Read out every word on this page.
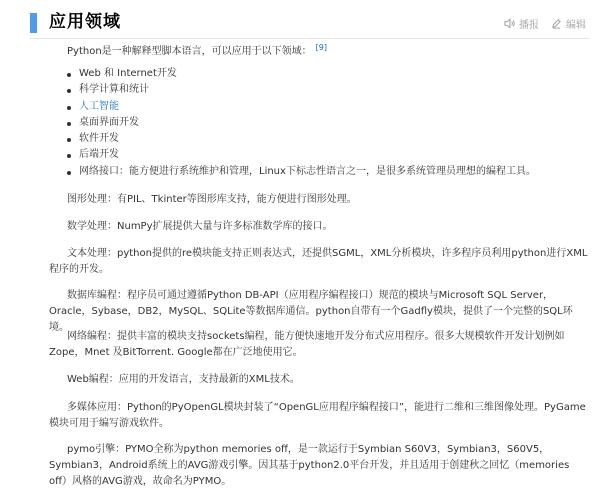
应用领域	播报	编辑

Python是一种解释型脚本语言，可以应用于以下领域： [9]

Web 和 Internet开发
科学计算和统计
人工智能
桌面界面开发
软件开发
后端开发
网络接口：能方便进行系统维护和管理，Linux下标志性语言之一，是很多系统管理员理想的编程工具。

图形处理：有PIL、Tkinter等图形库支持，能方便进行图形处理。

数学处理：NumPy扩展提供大量与许多标准数学库的接口。

文本处理：python提供的re模块能支持正则表达式，还提供SGML，XML分析模块，许多程序员利用python进行XML程序的开发。

数据库编程：程序员可通过遵循Python DB-API（应用程序编程接口）规范的模块与Microsoft SQL Server，Oracle，Sybase，DB2，MySQL、SQLite等数据库通信。python自带有一个Gadfly模块，提供了一个完整的SQL环境。

网络编程：提供丰富的模块支持sockets编程，能方便快速地开发分布式应用程序。很多大规模软件开发计划例如Zope，Mnet 及BitTorrent. Google都在广泛地使用它。

Web编程：应用的开发语言，支持最新的XML技术。

多媒体应用：Python的PyOpenGL模块封装了“OpenGL应用程序编程接口”，能进行二维和三维图像处理。PyGame模块可用于编写游戏软件。

pymo引擎：PYMO全称为python memories off，是一款运行于Symbian S60V3，Symbian3，S60V5，Symbian3，Android系统上的AVG游戏引擎。因其基于python2.0平台开发，并且适用于创建秋之回忆（memories off）风格的AVG游戏，故命名为PYMO。
